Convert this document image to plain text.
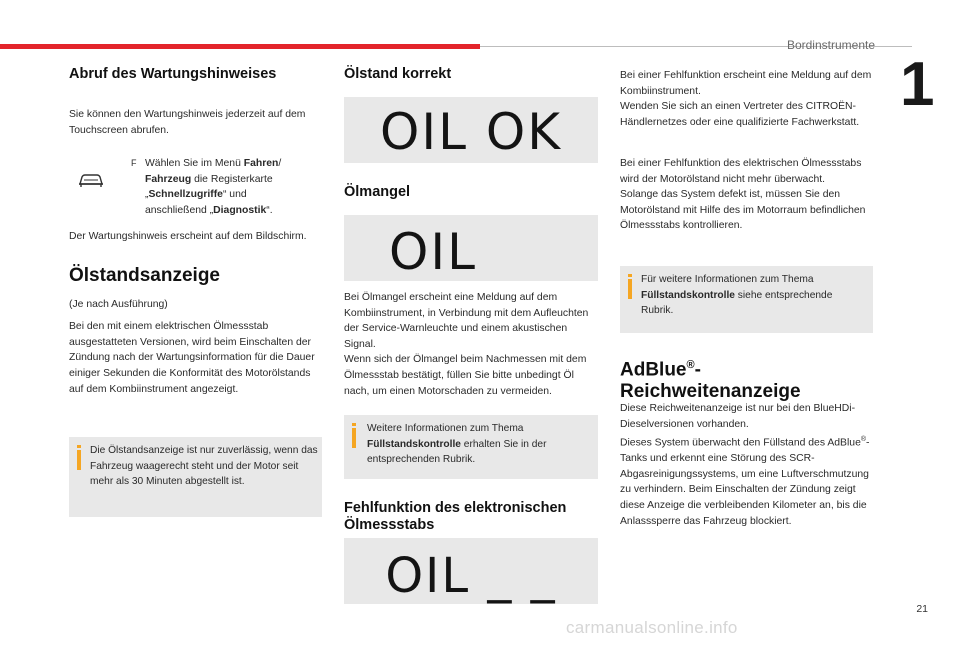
Bordinstrumente
1
Abruf des Wartungshinweises

Sie können den Wartungshinweis jederzeit auf dem Touchscreen abrufen.

F Wählen Sie im Menü Fahren/
Fahrzeug die Registerkarte
„Schnellzugriffe“ und
anschließend „Diagnostik“.

Der Wartungshinweis erscheint auf dem Bildschirm.

Ölstandsanzeige

(Je nach Ausführung)

Bei den mit einem elektrischen Ölmessstab ausgestatteten Versionen, wird beim Einschalten der Zündung nach der Wartungsinformation für die Dauer einiger Sekunden die Konformität des Motorölstands auf dem Kombiinstrument angezeigt.

Die Ölstandsanzeige ist nur zuverlässig, wenn das Fahrzeug waagerecht steht und der Motor seit mehr als 30 Minuten abgestellt ist.
Ölstand korrekt
OIL OK
Ölmangel
OIL
Bei Ölmangel erscheint eine Meldung auf dem Kombiinstrument, in Verbindung mit dem Aufleuchten der Service-Warnleuchte und einem akustischen Signal.
Wenn sich der Ölmangel beim Nachmessen mit dem Ölmessstab bestätigt, füllen Sie bitte unbedingt Öl nach, um einen Motorschaden zu vermeiden.
Weitere Informationen zum Thema
Füllstandskontrolle erhalten Sie in der entsprechenden Rubrik.
Fehlfunktion des elektronischen Ölmessstabs
OIL _ _
Bei einer Fehlfunktion erscheint eine Meldung auf dem Kombiinstrument.
Wenden Sie sich an einen Vertreter des CITROËN-Händlernetzes oder eine qualifizierte Fachwerkstatt.
Bei einer Fehlfunktion des elektrischen Ölmessstabs wird der Motorölstand nicht mehr überwacht.
Solange das System defekt ist, müssen Sie den Motorölstand mit Hilfe des im Motorraum befindlichen Ölmessstabs kontrollieren.
Für weitere Informationen zum Thema
Füllstandskontrolle siehe entsprechende Rubrik.
AdBlue®-Reichweitenanzeige
Diese Reichweitenanzeige ist nur bei den BlueHDi-Dieselversionen vorhanden.
Dieses System überwacht den Füllstand des AdBlue®-Tanks und erkennt eine Störung des SCR-Abgasreinigungssystems, um eine Luftverschmutzung zu verhindern. Beim Einschalten der Zündung zeigt diese Anzeige die verbleibenden Kilometer an, bis die Anlasssperre das Fahrzeug blockiert.
21
carmanualsonline.info
